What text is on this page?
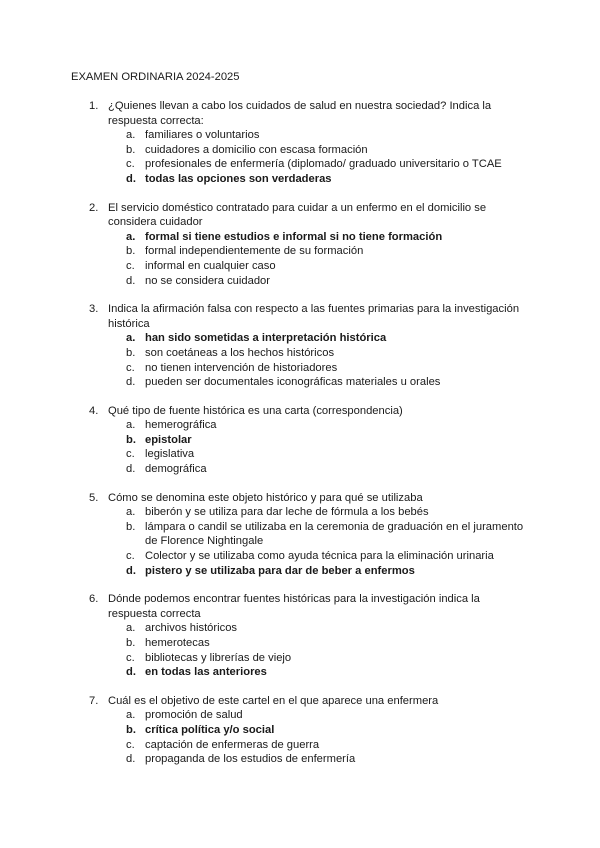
EXAMEN ORDINARIA 2024-2025
1. ¿Quienes llevan a cabo los cuidados de salud en nuestra sociedad? Indica la respuesta correcta:
a. familiares o voluntarios
b. cuidadores a domicilio con escasa formación
c. profesionales de enfermería (diplomado/ graduado universitario o TCAE
d. todas las opciones son verdaderas
2. El servicio doméstico contratado para cuidar a un enfermo en el domicilio se considera cuidador
a. formal si tiene estudios e informal si no tiene formación
b. formal independientemente de su formación
c. informal en cualquier caso
d. no se considera cuidador
3. Indica la afirmación falsa con respecto a las fuentes primarias para la investigación histórica
a. han sido sometidas a interpretación histórica
b. son coetáneas a los hechos históricos
c. no tienen intervención de historiadores
d. pueden ser documentales iconográficas materiales u orales
4. Qué tipo de fuente histórica es una carta (correspondencia)
a. hemerográfica
b. epistolar
c. legislativa
d. demográfica
5. Cómo se denomina este objeto histórico y para qué se utilizaba
a. biberón y se utiliza para dar leche de fórmula a los bebés
b. lámpara o candil se utilizaba en la ceremonia de graduación en el juramento de Florence Nightingale
c. Colector y se utilizaba como ayuda técnica para la eliminación urinaria
d. pistero y se utilizaba para dar de beber a enfermos
6. Dónde podemos encontrar fuentes históricas para la investigación indica la respuesta correcta
a. archivos históricos
b. hemerotecas
c. bibliotecas y librerías de viejo
d. en todas las anteriores
7. Cuál es el objetivo de este cartel en el que aparece una enfermera
a. promoción de salud
b. crítica política y/o social
c. captación de enfermeras de guerra
d. propaganda de los estudios de enfermería
